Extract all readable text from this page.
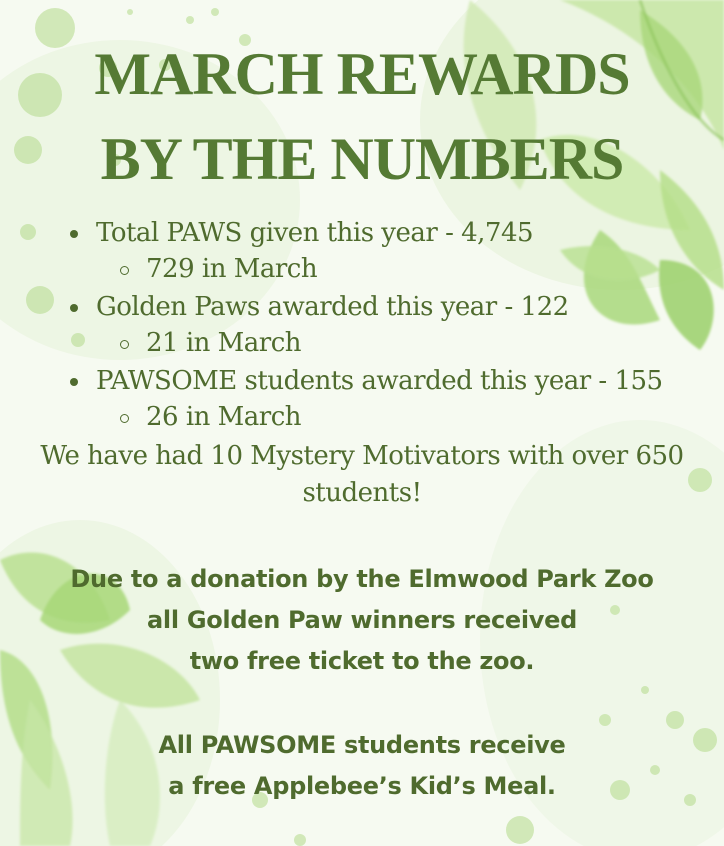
MARCH REWARDS
BY THE NUMBERS
Total PAWS given this year - 4,745
729 in March
Golden Paws awarded this year - 122
21 in March
PAWSOME students awarded this year - 155
26 in March
We have had 10 Mystery Motivators with over 650
students!
Due to a donation by the Elmwood Park Zoo
all Golden Paw winners received
two free ticket to the zoo.
All PAWSOME students receive
a free Applebee’s Kid’s Meal.
